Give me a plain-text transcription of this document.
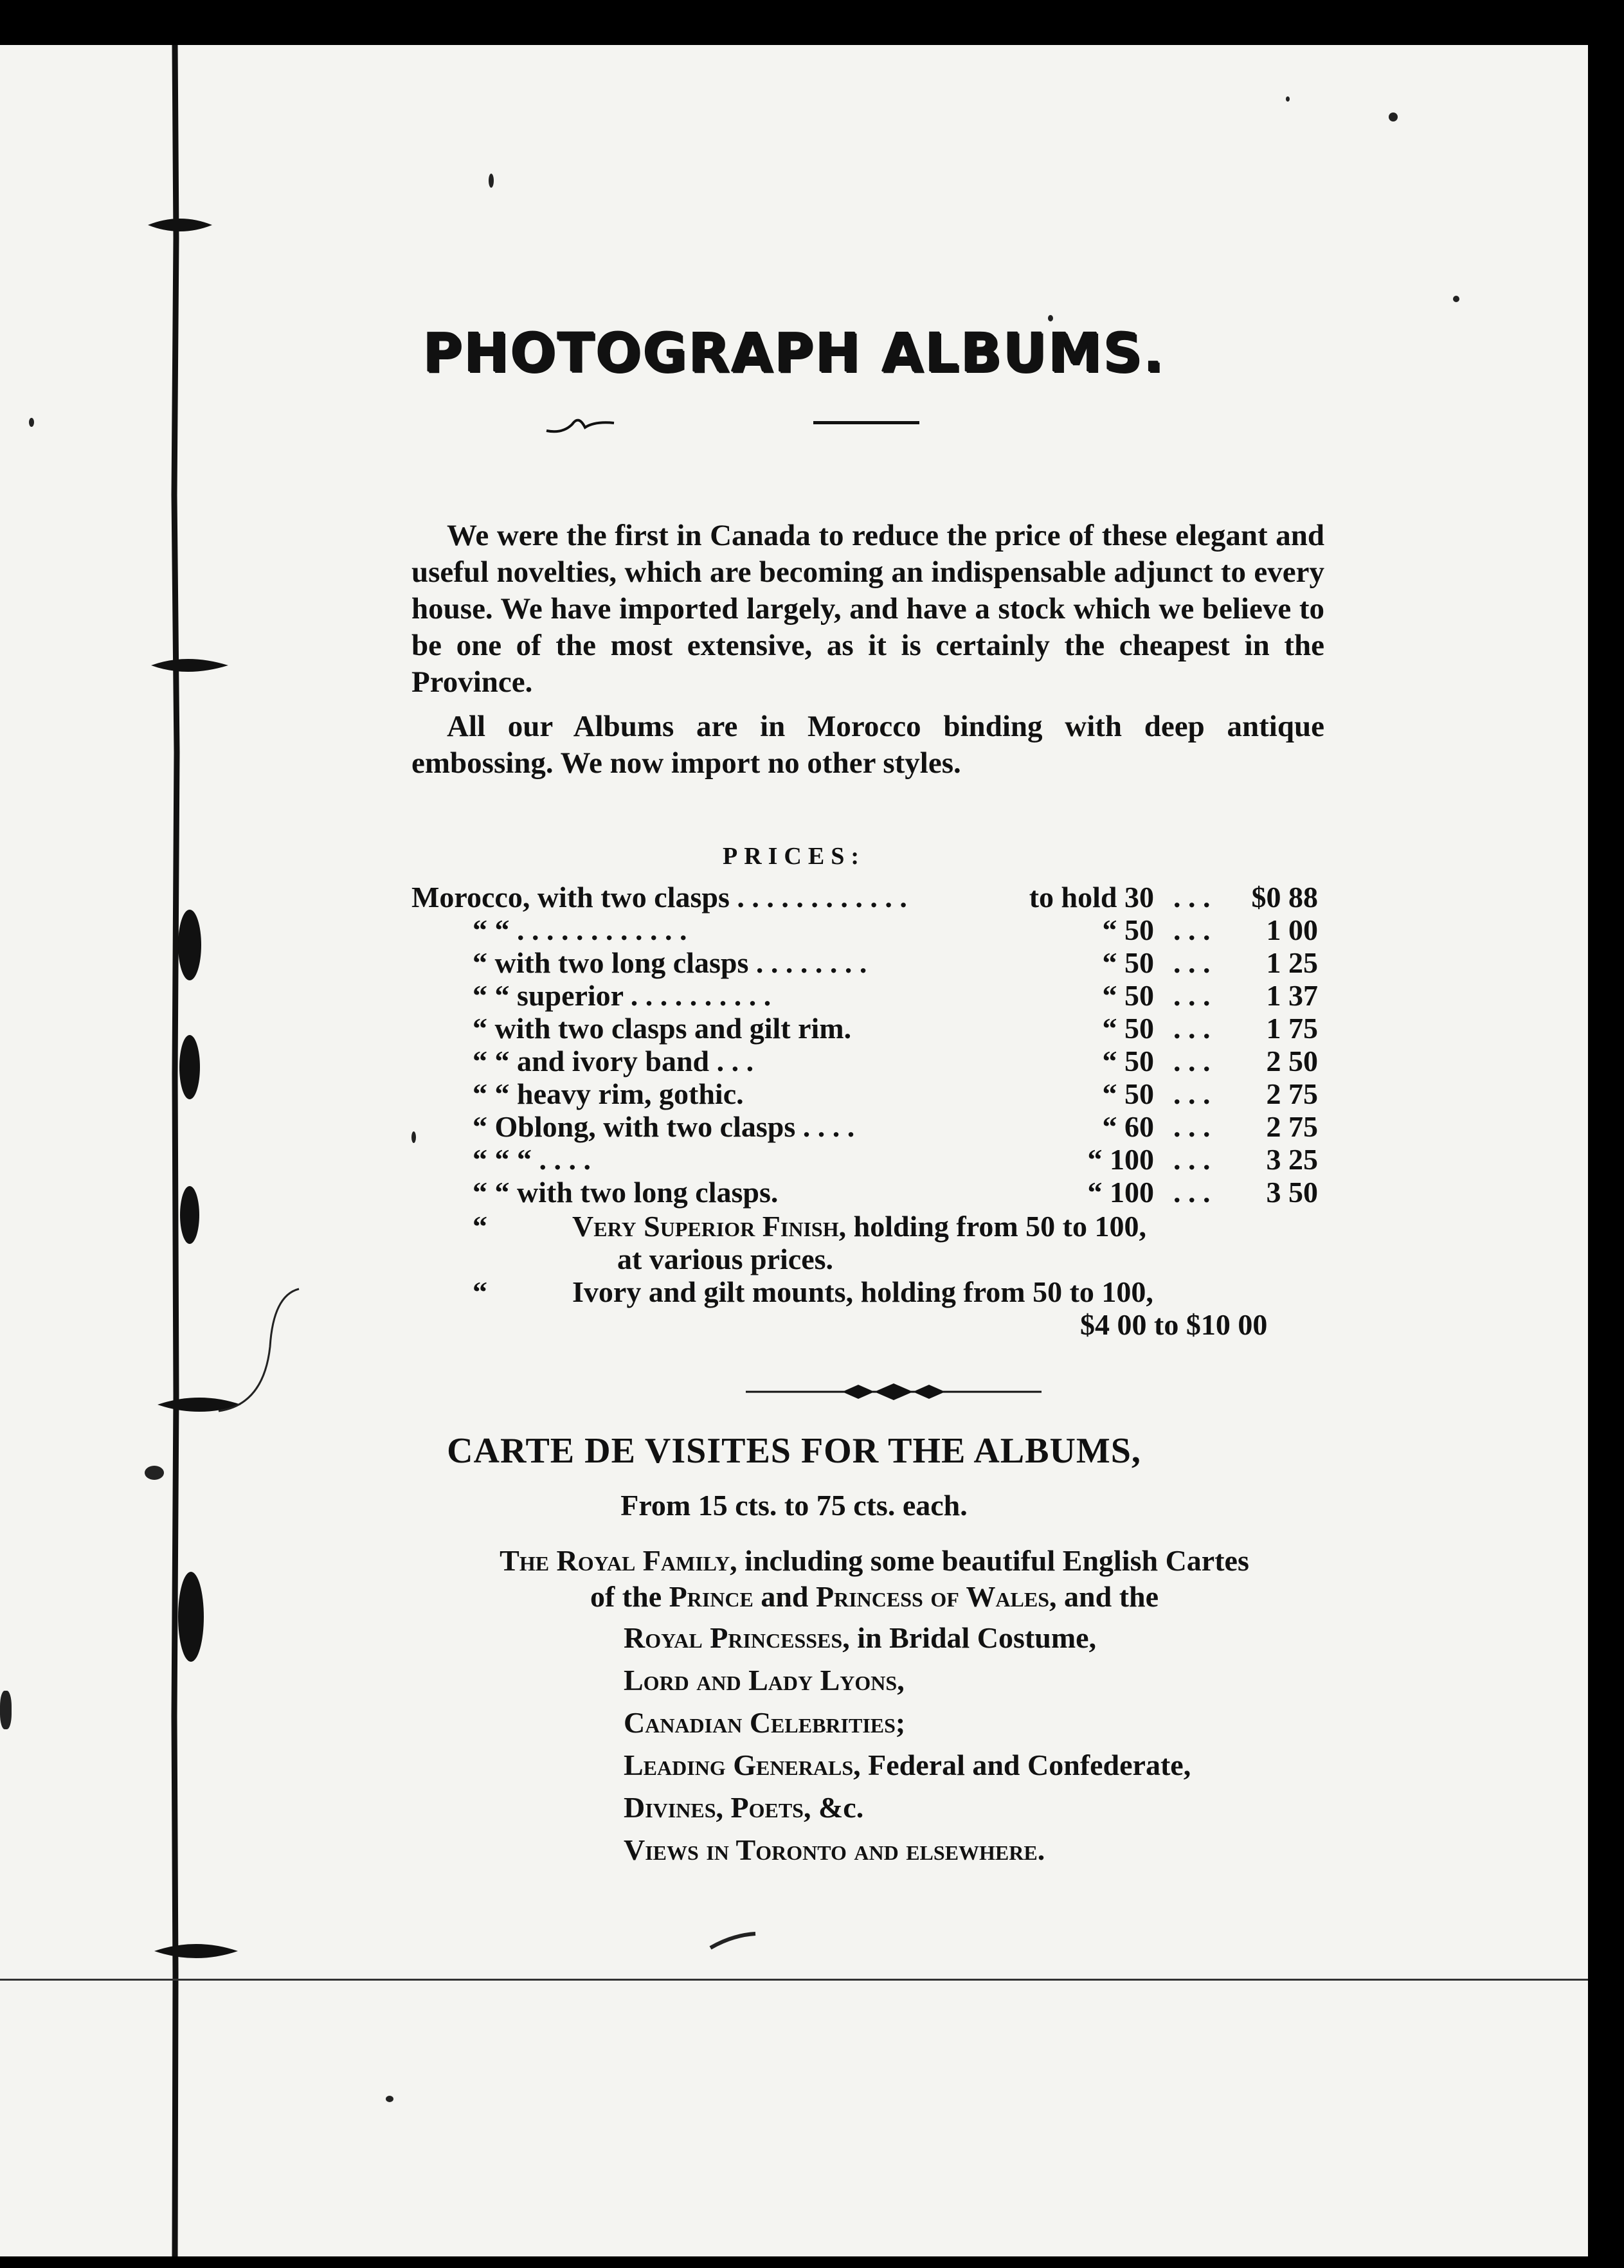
PHOTOGRAPH ALBUMS.

We were the first in Canada to reduce the price of these elegant and useful novelties, which are becoming an indispensable adjunct to every house. We have imported largely, and have a stock which we believe to be one of the most extensive, as it is certainly the cheapest in the Province.

All our Albums are in Morocco binding with deep antique embossing. We now import no other styles.

PRICES:
Morocco, with two clasps . . . . . . . . . . . .	to hold 30 . . .	$0 88
“ “ . . . . . . . . . . . .	“ 50 . . .	1 00
“ with two long clasps . . . . . . . .	“ 50 . . .	1 25
“ “ superior . . . . . . . . . .	“ 50 . . .	1 37
“ with two clasps and gilt rim.	“ 50 . . .	1 75
“ “ and ivory band . . .	“ 50 . . .	2 50
“ “ heavy rim, gothic.	“ 50 . . .	2 75
“ Oblong, with two clasps . . . .	“ 60 . . .	2 75
“ “ “ . . . .	“ 100 . . .	3 25
“ “ with two long clasps.	“ 100 . . .	3 50
“	Very Superior Finish, holding from 50 to 100,
at various prices.
“	Ivory and gilt mounts, holding from 50 to 100,
$4 00 to $10 00
CARTE DE VISITES FOR THE ALBUMS,
From 15 cts. to 75 cts. each.
The Royal Family, including some beautiful English Cartes
of the Prince and Princess of Wales, and the
Royal Princesses, in Bridal Costume,
Lord and Lady Lyons,
Canadian Celebrities;
Leading Generals, Federal and Confederate,
Divines, Poets, &c.
Views in Toronto and elsewhere.
